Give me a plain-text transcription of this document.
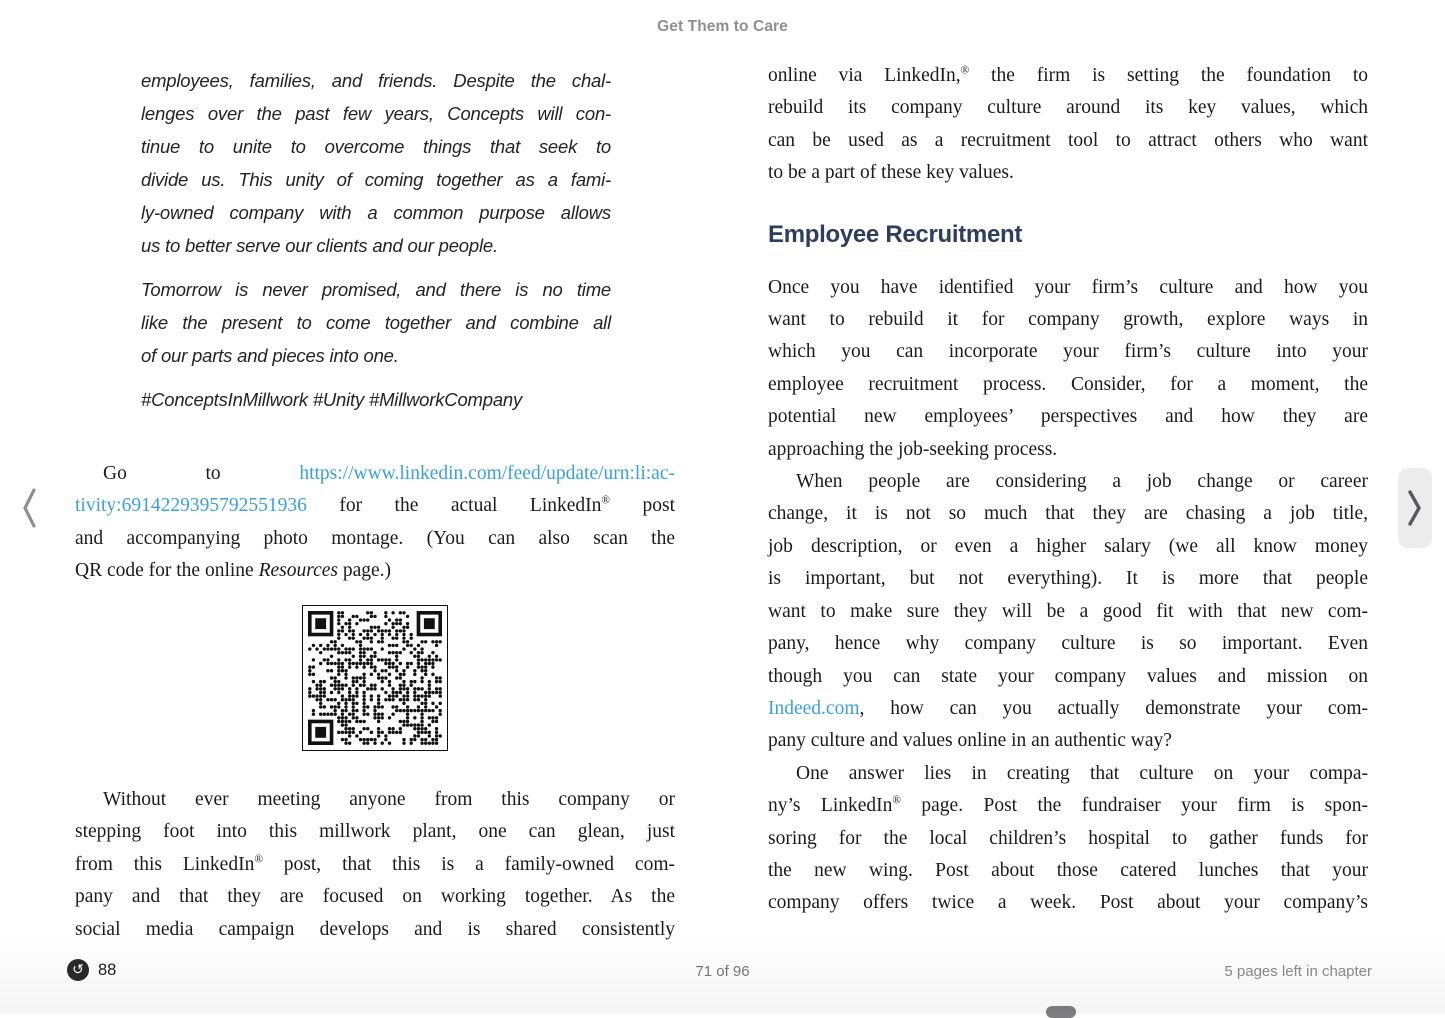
Get Them to Care
employees, families, and friends. Despite the chal-
lenges over the past few years, Concepts will con-
tinue to unite to overcome things that seek to
divide us. This unity of coming together as a fami-
ly-owned company with a common purpose allows
us to better serve our clients and our people.
Tomorrow is never promised, and there is no time
like the present to come together and combine all
of our parts and pieces into one.
#ConceptsInMillwork #Unity #MillworkCompany
Go to https://www.linkedin.com/feed/update/urn:li:ac-
tivity:6914229395792551936 for the actual LinkedIn® post
and accompanying photo montage. (You can also scan the
QR code for the online Resources page.)
Without ever meeting anyone from this company or
stepping foot into this millwork plant, one can glean, just
from this LinkedIn® post, that this is a family-owned com-
pany and that they are focused on working together. As the
social media campaign develops and is shared consistently
online via LinkedIn,® the firm is setting the foundation to
rebuild its company culture around its key values, which
can be used as a recruitment tool to attract others who want
to be a part of these key values.
Employee Recruitment
Once you have identified your firm’s culture and how you
want to rebuild it for company growth, explore ways in
which you can incorporate your firm’s culture into your
employee recruitment process. Consider, for a moment, the
potential new employees’ perspectives and how they are
approaching the job-seeking process.
When people are considering a job change or career
change, it is not so much that they are chasing a job title,
job description, or even a higher salary (we all know money
is important, but not everything). It is more that people
want to make sure they will be a good fit with that new com-
pany, hence why company culture is so important. Even
though you can state your company values and mission on
Indeed.com, how can you actually demonstrate your com-
pany culture and values online in an authentic way?
One answer lies in creating that culture on your compa-
ny’s LinkedIn® page. Post the fundraiser your firm is spon-
soring for the local children’s hospital to gather funds for
the new wing. Post about those catered lunches that your
company offers twice a week. Post about your company’s
↺ 88	71 of 96	5 pages left in chapter
